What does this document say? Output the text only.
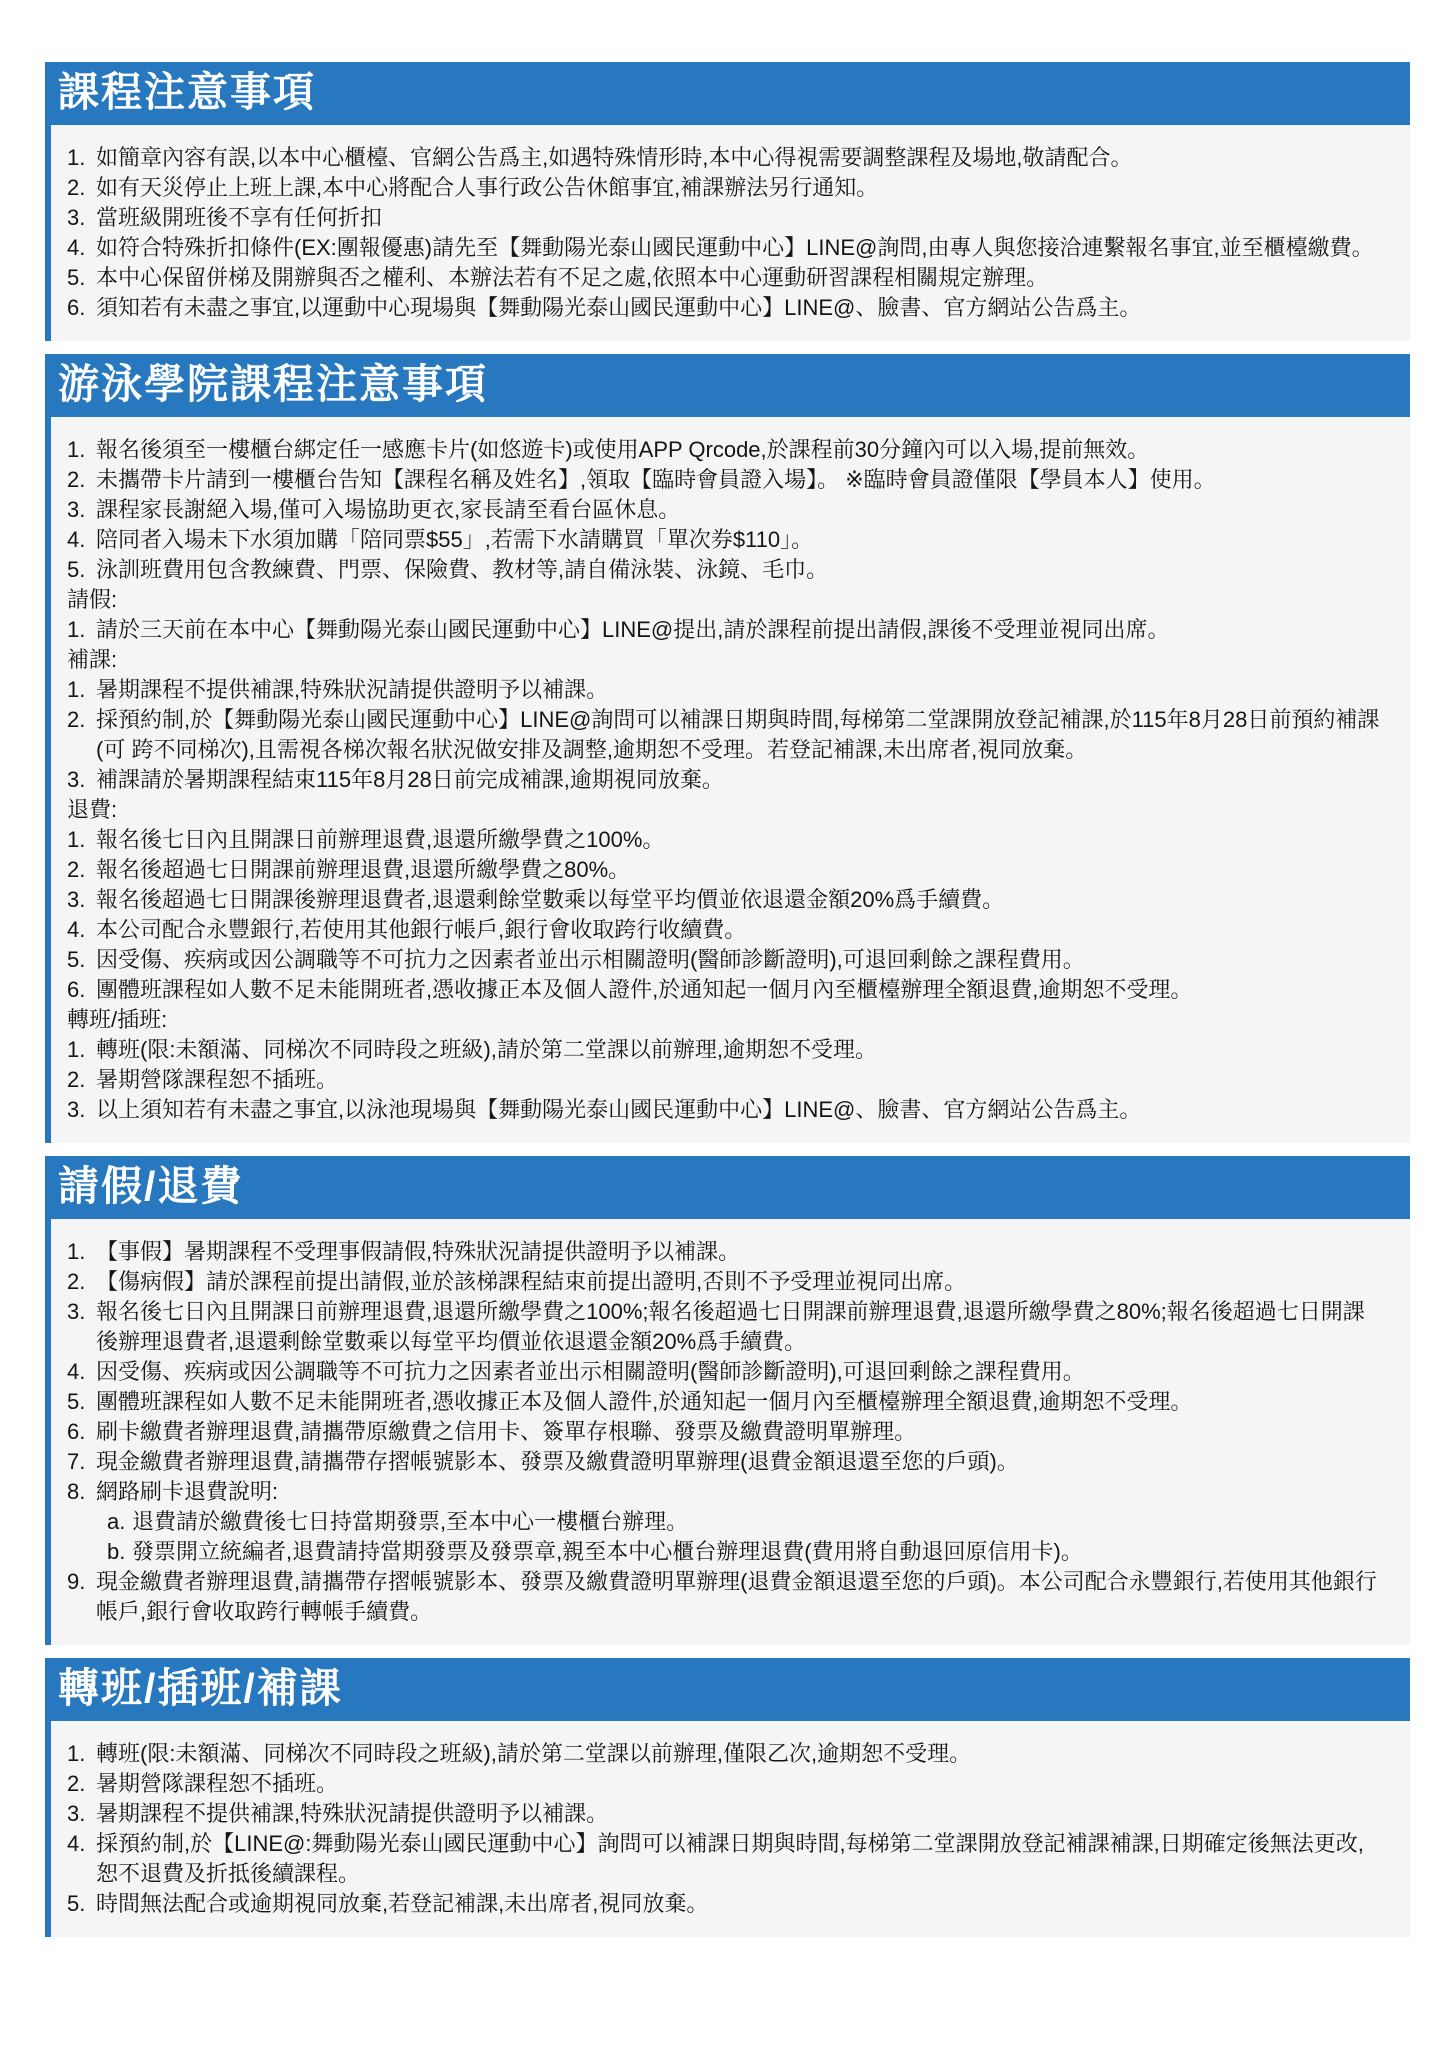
課程注意事項
1. 如簡章內容有誤,以本中心櫃檯、官網公告爲主,如遇特殊情形時,本中心得視需要調整課程及場地,敬請配合。
2. 如有天災停止上班上課,本中心將配合人事行政公告休館事宜,補課辦法另行通知。
3. 當班級開班後不享有任何折扣
4. 如符合特殊折扣條件(EX:團報優惠)請先至【舞動陽光泰山國民運動中心】LINE@詢問,由專人與您接洽連繫報名事宜,並至櫃檯繳費。
5. 本中心保留併梯及開辦與否之權利、本辦法若有不足之處,依照本中心運動研習課程相關規定辦理。
6. 須知若有未盡之事宜,以運動中心現場與【舞動陽光泰山國民運動中心】LINE@、臉書、官方網站公告爲主。
游泳學院課程注意事項
1. 報名後須至一樓櫃台綁定任一感應卡片(如悠遊卡)或使用APP Qrcode,於課程前30分鐘內可以入場,提前無效。
2. 未攜帶卡片請到一樓櫃台告知【課程名稱及姓名】,領取【臨時會員證入場】。 ※臨時會員證僅限【學員本人】使用。
3. 課程家長謝絕入場,僅可入場協助更衣,家長請至看台區休息。
4. 陪同者入場未下水須加購「陪同票$55」,若需下水請購買「單次券$110」。
5. 泳訓班費用包含教練費、門票、保險費、教材等,請自備泳裝、泳鏡、毛巾。
請假:
1. 請於三天前在本中心【舞動陽光泰山國民運動中心】LINE@提出,請於課程前提出請假,課後不受理並視同出席。
補課:
1. 暑期課程不提供補課,特殊狀況請提供證明予以補課。
2. 採預約制,於【舞動陽光泰山國民運動中心】LINE@詢問可以補課日期與時間,每梯第二堂課開放登記補課,於115年8月28日前預約補課(可 跨不同梯次),且需視各梯次報名狀況做安排及調整,逾期恕不受理。若登記補課,未出席者,視同放棄。
3. 補課請於暑期課程結束115年8月28日前完成補課,逾期視同放棄。
退費:
1. 報名後七日內且開課日前辦理退費,退還所繳學費之100%。
2. 報名後超過七日開課前辦理退費,退還所繳學費之80%。
3. 報名後超過七日開課後辦理退費者,退還剩餘堂數乘以每堂平均價並依退還金額20%爲手續費。
4. 本公司配合永豐銀行,若使用其他銀行帳戶,銀行會收取跨行收續費。
5. 因受傷、疾病或因公調職等不可抗力之因素者並出示相關證明(醫師診斷證明),可退回剩餘之課程費用。
6. 團體班課程如人數不足未能開班者,憑收據正本及個人證件,於通知起一個月內至櫃檯辦理全額退費,逾期恕不受理。
轉班/插班:
1. 轉班(限:未額滿、同梯次不同時段之班級),請於第二堂課以前辦理,逾期恕不受理。
2. 暑期營隊課程恕不插班。
3. 以上須知若有未盡之事宜,以泳池現場與【舞動陽光泰山國民運動中心】LINE@、臉書、官方網站公告爲主。
請假/退費
1. 【事假】暑期課程不受理事假請假,特殊狀況請提供證明予以補課。
2. 【傷病假】請於課程前提出請假,並於該梯課程結束前提出證明,否則不予受理並視同出席。
3. 報名後七日內且開課日前辦理退費,退還所繳學費之100%;報名後超過七日開課前辦理退費,退還所繳學費之80%;報名後超過七日開課後辦理退費者,退還剩餘堂數乘以每堂平均價並依退還金額20%爲手續費。
4. 因受傷、疾病或因公調職等不可抗力之因素者並出示相關證明(醫師診斷證明),可退回剩餘之課程費用。
5. 團體班課程如人數不足未能開班者,憑收據正本及個人證件,於通知起一個月內至櫃檯辦理全額退費,逾期恕不受理。
6. 刷卡繳費者辦理退費,請攜帶原繳費之信用卡、簽單存根聯、發票及繳費證明單辦理。
7. 現金繳費者辦理退費,請攜帶存摺帳號影本、發票及繳費證明單辦理(退費金額退還至您的戶頭)。
8. 網路刷卡退費說明:
a. 退費請於繳費後七日持當期發票,至本中心一樓櫃台辦理。
b. 發票開立統編者,退費請持當期發票及發票章,親至本中心櫃台辦理退費(費用將自動退回原信用卡)。
9. 現金繳費者辦理退費,請攜帶存摺帳號影本、發票及繳費證明單辦理(退費金額退還至您的戶頭)。本公司配合永豐銀行,若使用其他銀行帳戶,銀行會收取跨行轉帳手續費。
轉班/插班/補課
1. 轉班(限:未額滿、同梯次不同時段之班級),請於第二堂課以前辦理,僅限乙次,逾期恕不受理。
2. 暑期營隊課程恕不插班。
3. 暑期課程不提供補課,特殊狀況請提供證明予以補課。
4. 採預約制,於【LINE@:舞動陽光泰山國民運動中心】詢問可以補課日期與時間,每梯第二堂課開放登記補課補課,日期確定後無法更改,恕不退費及折抵後續課程。
5. 時間無法配合或逾期視同放棄,若登記補課,未出席者,視同放棄。
